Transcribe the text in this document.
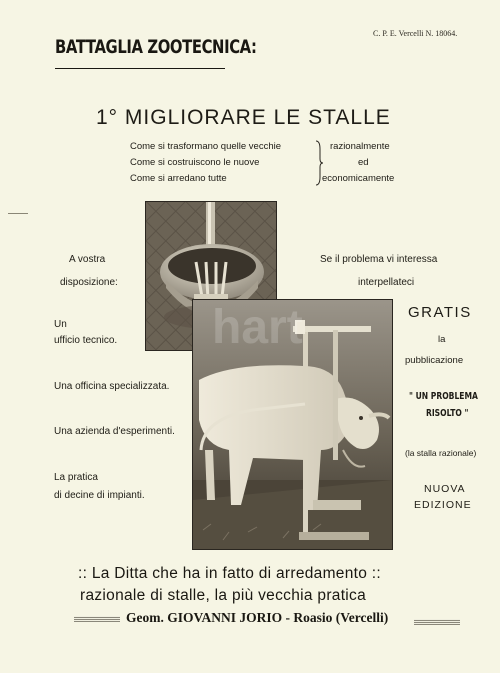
BATTAGLIA ZOOTECNICA:
C. P. E. Vercelli N. 18064.
1° MIGLIORARE LE STALLE
Come si trasformano quelle vecchie
Come si costruiscono le nuove
Come si arredano tutte
razionalmente
ed
economicamente
A vostra
disposizione:
Un
ufficio tecnico.
Una officina specializzata.
Una azienda d'esperimenti.
La pratica
di decine di impianti.
Se il problema vi interessa
interpellateci
GRATIS
la
pubblicazione
" UN PROBLEMA
RISOLTO "
(la stalla razionale)
NUOVA
EDIZIONE
:: La Ditta che ha in fatto di arredamento ::
razionale di stalle, la più vecchia pratica
Geom. GIOVANNI JORIO - Roasio (Vercelli)
hart
